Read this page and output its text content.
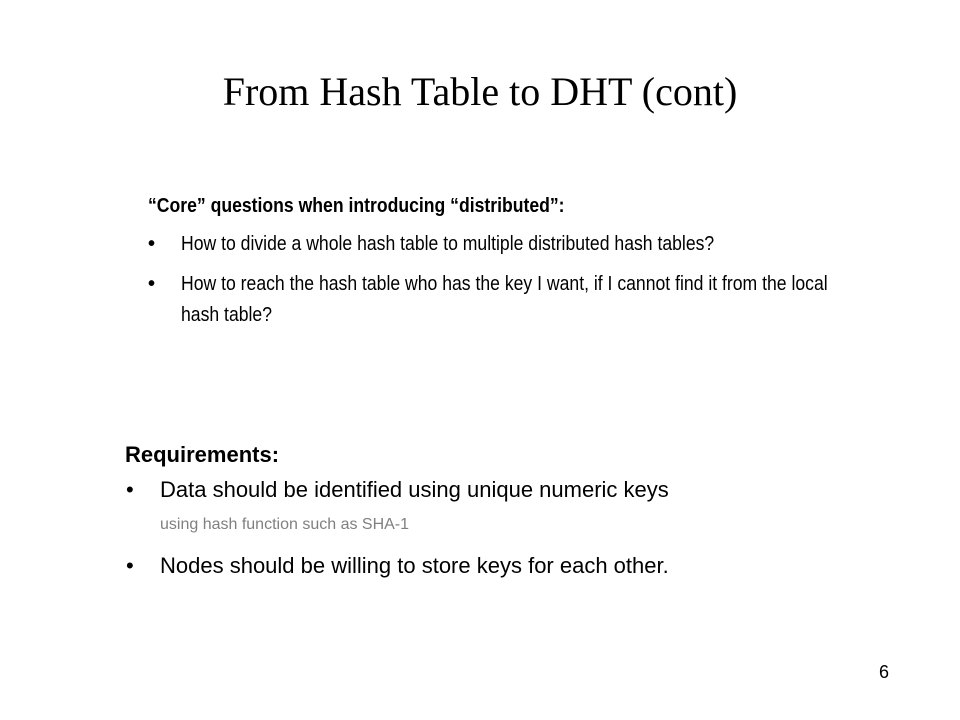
From Hash Table to DHT (cont)
“Core” questions when introducing “distributed”:
• How to divide a whole hash table to multiple distributed hash tables?
• How to reach the hash table who has the key I want, if I cannot find it from the local hash table?
Requirements:
• Data should be identified using unique numeric keys
using hash function such as SHA-1
• Nodes should be willing to store keys for each other.
6
